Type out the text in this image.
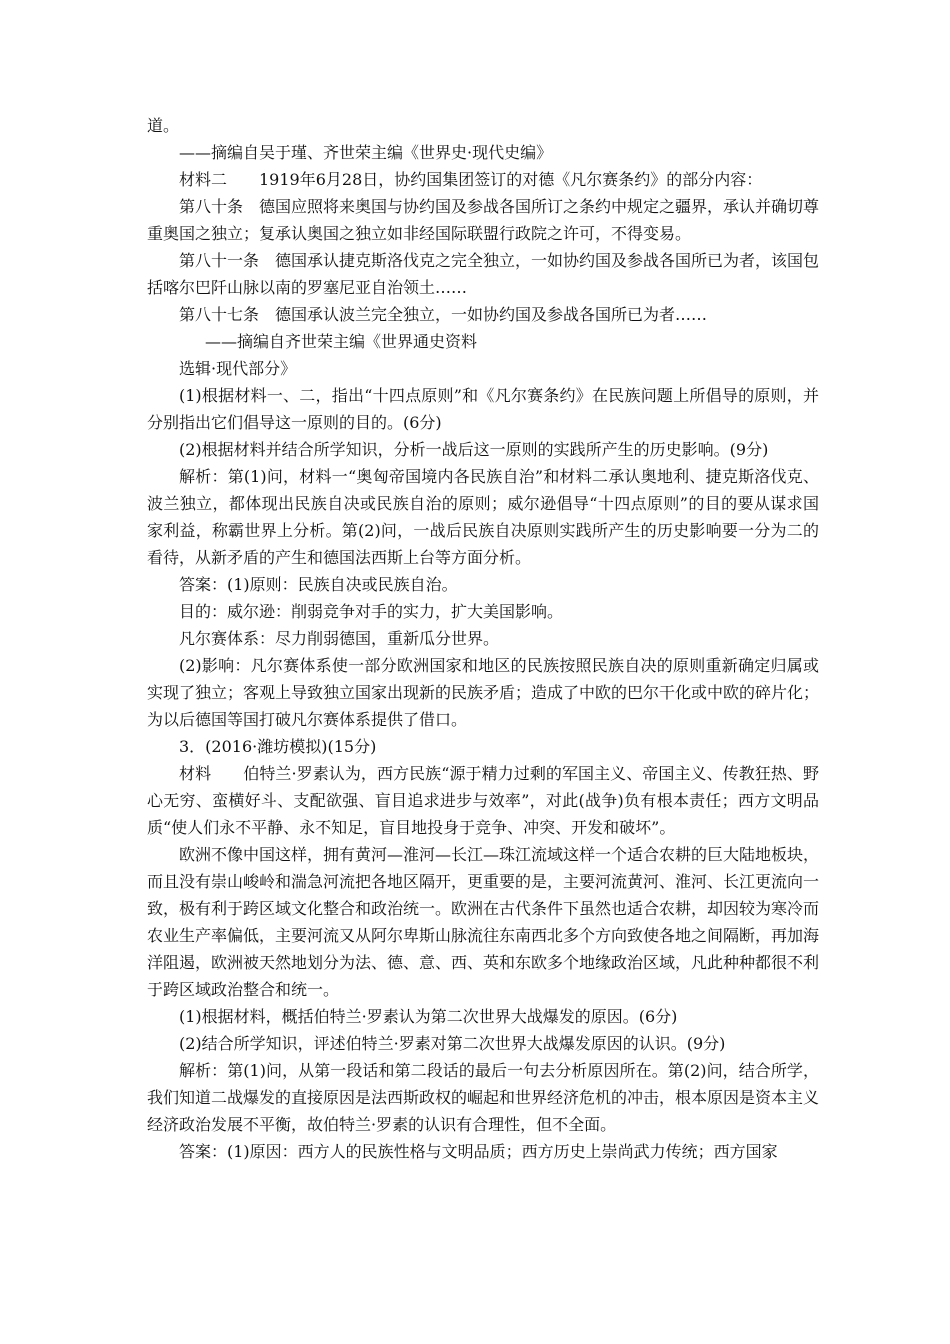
道。
——摘编自吴于瑾、齐世荣主编《世界史·现代史编》
材料二　　1919年6月28日，协约国集团签订的对德《凡尔赛条约》的部分内容：
第八十条　德国应照将来奥国与协约国及参战各国所订之条约中规定之疆界，承认并确切尊重奥国之独立；复承认奥国之独立如非经国际联盟行政院之许可，不得变易。
第八十一条　德国承认捷克斯洛伐克之完全独立，一如协约国及参战各国所已为者，该国包括喀尔巴阡山脉以南的罗塞尼亚自治领土……
第八十七条　德国承认波兰完全独立，一如协约国及参战各国所已为者……
——摘编自齐世荣主编《世界通史资料
选辑·现代部分》
(1)根据材料一、二，指出“十四点原则”和《凡尔赛条约》在民族问题上所倡导的原则，并分别指出它们倡导这一原则的目的。(6分)
(2)根据材料并结合所学知识，分析一战后这一原则的实践所产生的历史影响。(9分)
解析：第(1)问，材料一“奥匈帝国境内各民族自治”和材料二承认奥地利、捷克斯洛伐克、波兰独立，都体现出民族自决或民族自治的原则；威尔逊倡导“十四点原则”的目的要从谋求国家利益，称霸世界上分析。第(2)问，一战后民族自决原则实践所产生的历史影响要一分为二的看待，从新矛盾的产生和德国法西斯上台等方面分析。
答案：(1)原则：民族自决或民族自治。
目的：威尔逊：削弱竞争对手的实力，扩大美国影响。
凡尔赛体系：尽力削弱德国，重新瓜分世界。
(2)影响：凡尔赛体系使一部分欧洲国家和地区的民族按照民族自决的原则重新确定归属或实现了独立；客观上导致独立国家出现新的民族矛盾；造成了中欧的巴尔干化或中欧的碎片化；为以后德国等国打破凡尔赛体系提供了借口。
3．(2016·潍坊模拟)(15分)
材料　　伯特兰·罗素认为，西方民族“源于精力过剩的军国主义、帝国主义、传教狂热、野心无穷、蛮横好斗、支配欲强、盲目追求进步与效率”，对此(战争)负有根本责任；西方文明品质“使人们永不平静、永不知足，盲目地投身于竞争、冲突、开发和破坏”。
欧洲不像中国这样，拥有黄河—淮河—长江—珠江流域这样一个适合农耕的巨大陆地板块，而且没有崇山峻岭和湍急河流把各地区隔开，更重要的是，主要河流黄河、淮河、长江更流向一致，极有利于跨区域文化整合和政治统一。欧洲在古代条件下虽然也适合农耕，却因较为寒冷而农业生产率偏低，主要河流又从阿尔卑斯山脉流往东南西北多个方向致使各地之间隔断，再加海洋阻遏，欧洲被天然地划分为法、德、意、西、英和东欧多个地缘政治区域，凡此种种都很不利于跨区域政治整合和统一。
(1)根据材料，概括伯特兰·罗素认为第二次世界大战爆发的原因。(6分)
(2)结合所学知识，评述伯特兰·罗素对第二次世界大战爆发原因的认识。(9分)
解析：第(1)问，从第一段话和第二段话的最后一句去分析原因所在。第(2)问，结合所学，我们知道二战爆发的直接原因是法西斯政权的崛起和世界经济危机的冲击，根本原因是资本主义经济政治发展不平衡，故伯特兰·罗素的认识有合理性，但不全面。
答案：(1)原因：西方人的民族性格与文明品质；西方历史上崇尚武力传统；西方国家
